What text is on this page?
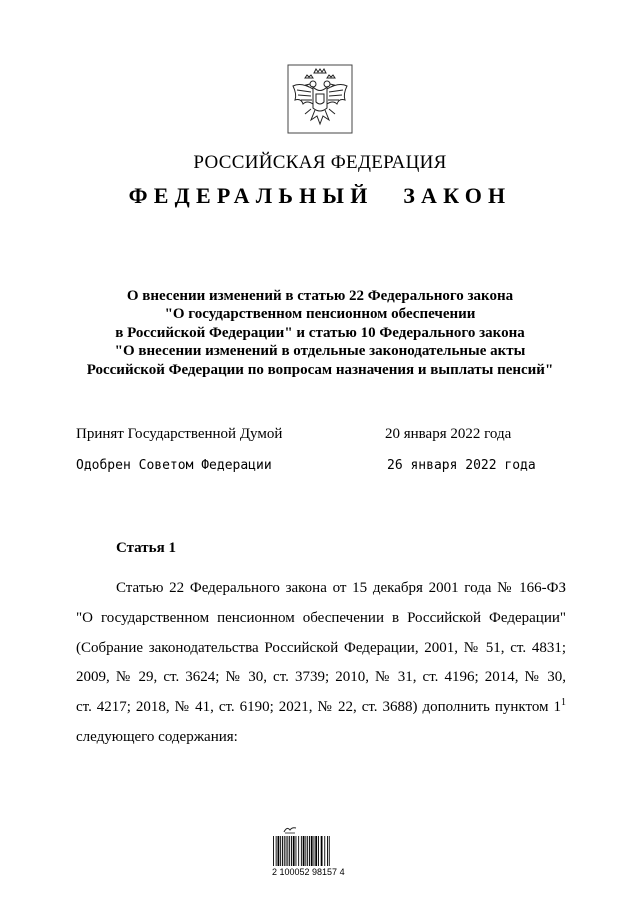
РОССИЙСКАЯ ФЕДЕРАЦИЯ
ФЕДЕРАЛЬНЫЙ ЗАКОН
О внесении изменений в статью 22 Федерального закона
"О государственном пенсионном обеспечении
в Российской Федерации" и статью 10 Федерального закона
"О внесении изменений в отдельные законодательные акты
Российской Федерации по вопросам назначения и выплаты пенсий"
Принят Государственной Думой	20 января 2022 года
Одобрен Советом Федерации	26 января 2022 года
Статья 1
Статью 22 Федерального закона от 15 декабря 2001 года № 166-ФЗ
"О государственном пенсионном обеспечении в Российской Федерации"
(Собрание законодательства Российской Федерации, 2001, № 51, ст. 4831;
2009, № 29, ст. 3624; № 30, ст. 3739; 2010, № 31, ст. 4196; 2014, № 30,
ст. 4217; 2018, № 41, ст. 6190; 2021, № 22, ст. 3688) дополнить пунктом $1^1$
следующего содержания:
2 100052 98157 4
